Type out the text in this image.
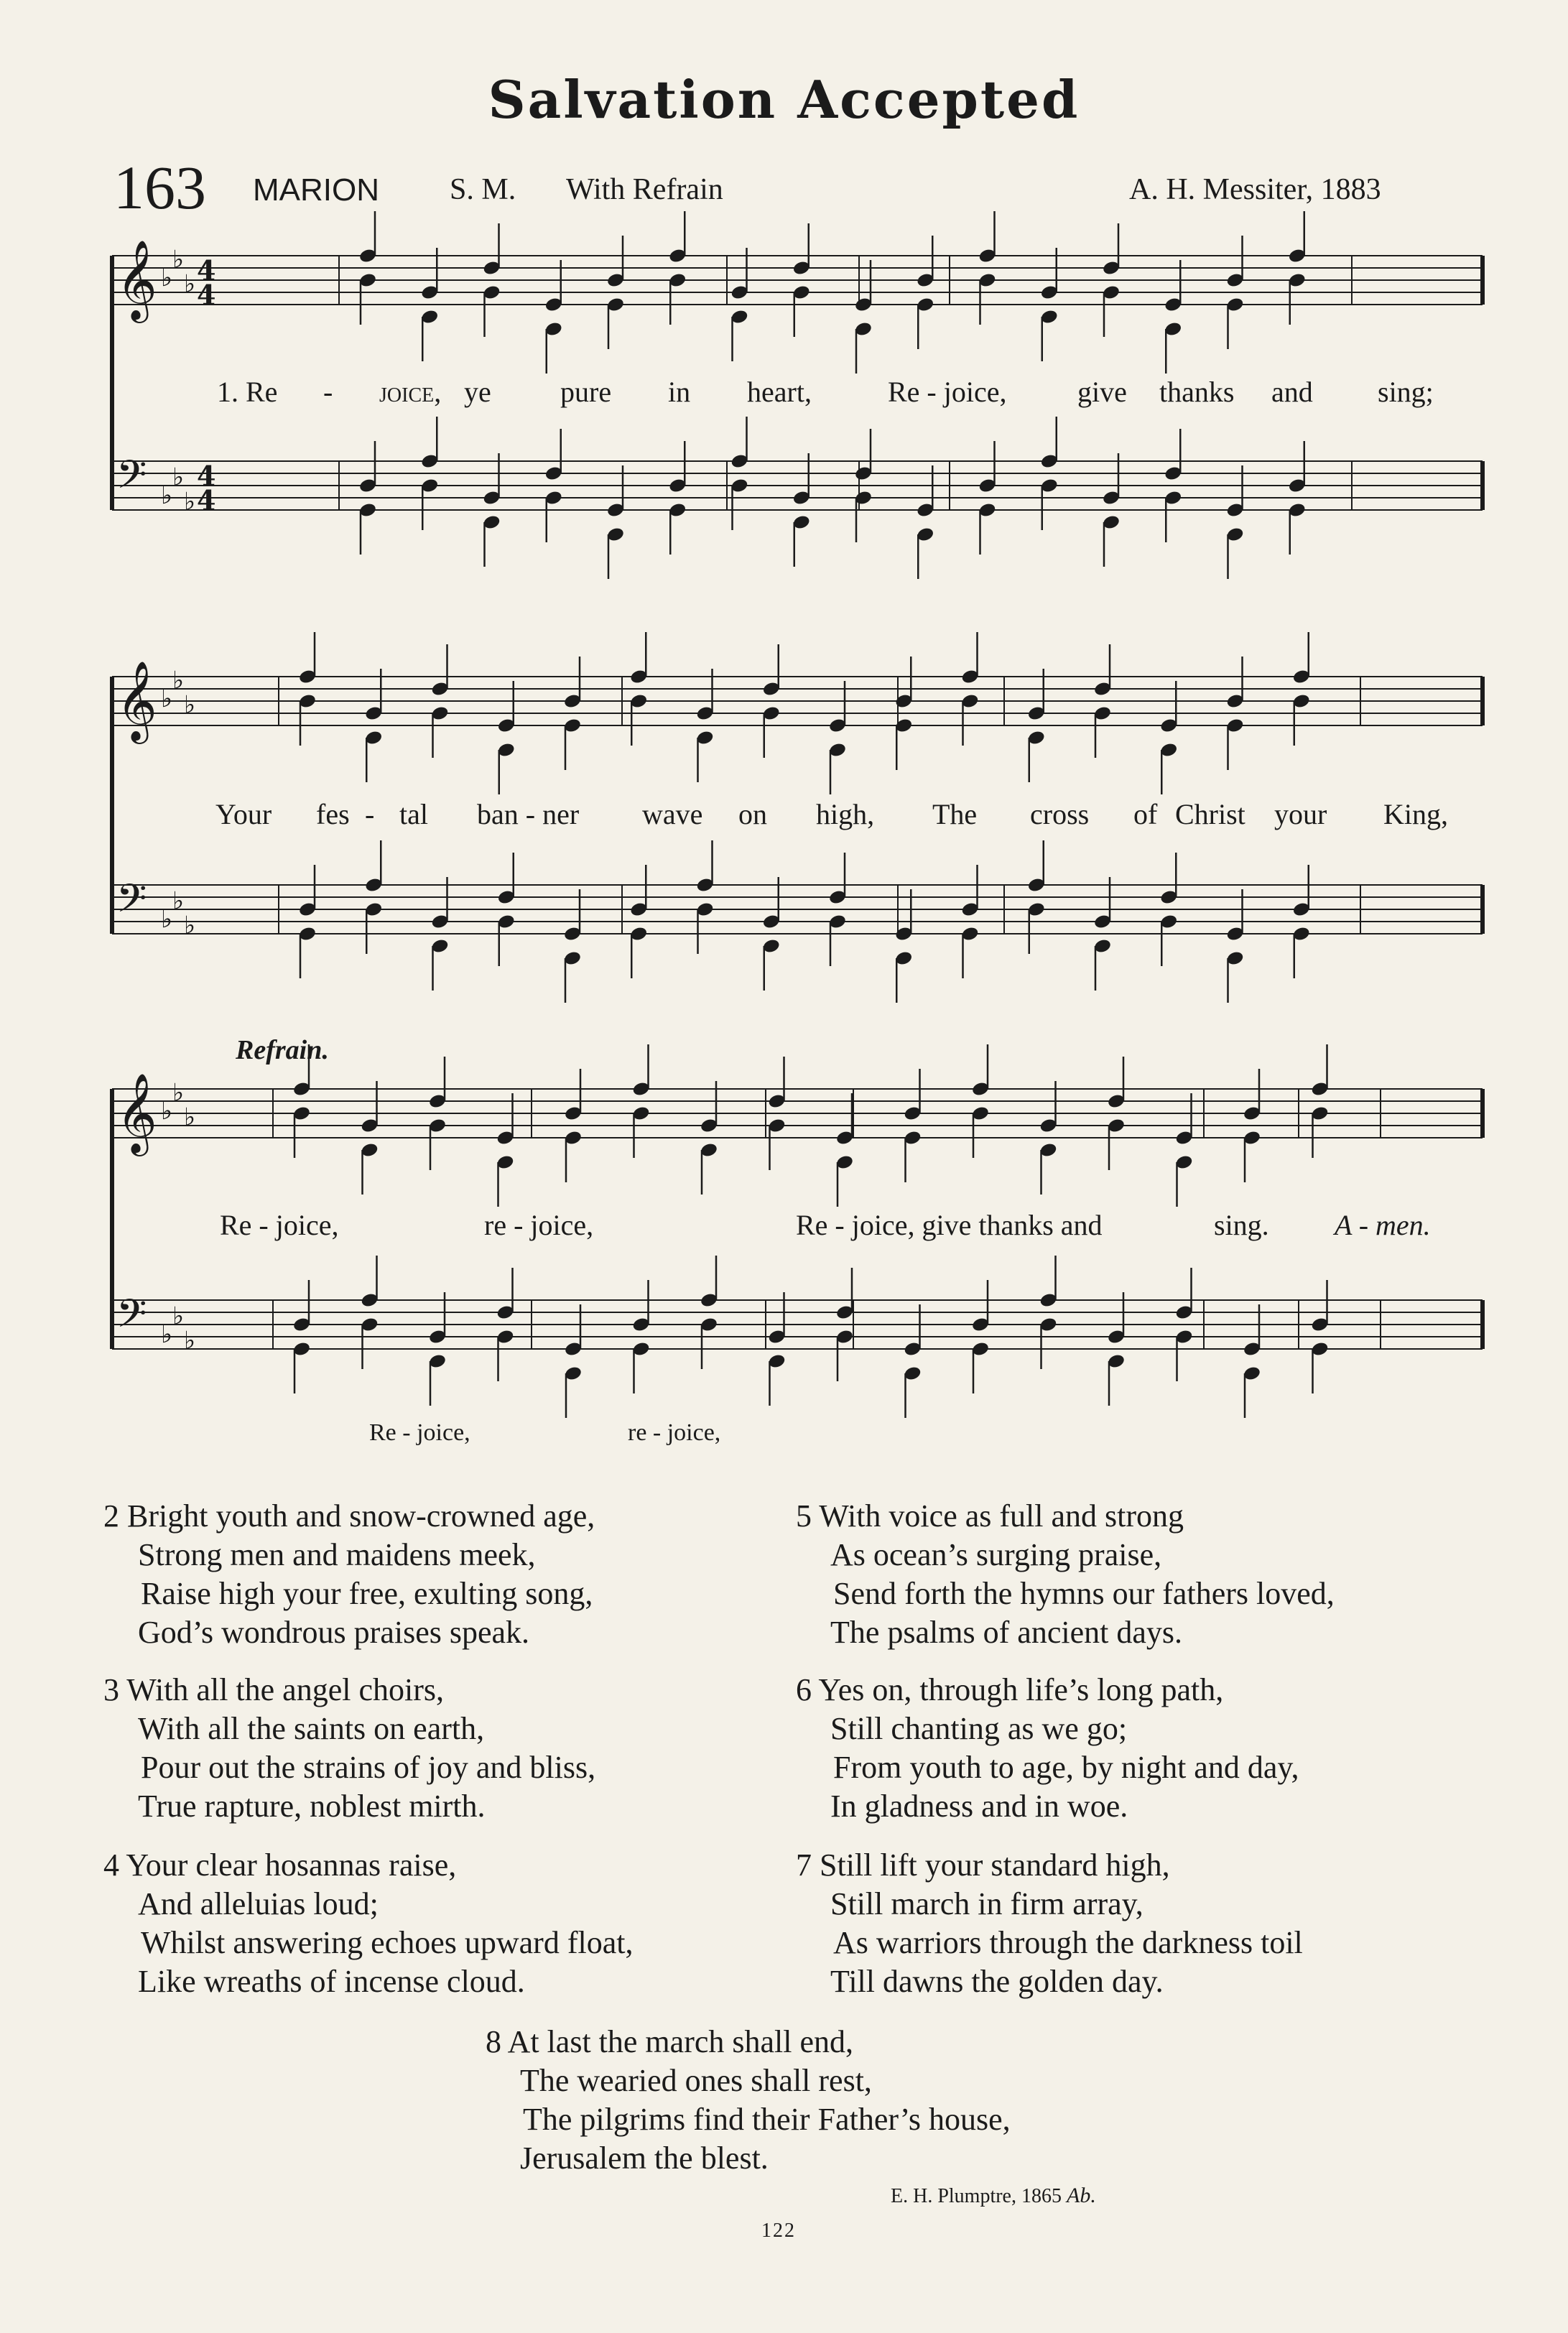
Salvation Accepted
163 MARION S. M. With Refrain	A. H. Messiter, 1883
𝄞 ♭
♭
♭ 4
4
𝄢 ♭
♭
♭
4
4
𝄞 ♭
♭
♭
𝄢 ♭
♭
♭
𝄞 ♭
♭
♭
𝄢 ♭
♭
♭
Refrain.
1. Re - joice, ye pure in heart,	Re - joice, give thanks and sing;
Your fes - tal ban - ner wave on high, The cross of Christ your King,
Re - joice,	re - joice,	Re - joice, give thanks and	sing. A - men.
Re - joice,	re - joice,
2 Bright youth and snow-crowned age,
Strong men and maidens meek,
Raise high your free, exulting song,
God’s wondrous praises speak.
3 With all the angel choirs,
With all the saints on earth,
Pour out the strains of joy and bliss,
True rapture, noblest mirth.
4 Your clear hosannas raise,
And alleluias loud;
Whilst answering echoes upward float,
Like wreaths of incense cloud.
5 With voice as full and strong
As ocean’s surging praise,
Send forth the hymns our fathers loved,
The psalms of ancient days.
6 Yes on, through life’s long path,
Still chanting as we go;
From youth to age, by night and day,
In gladness and in woe.
7 Still lift your standard high,
Still march in firm array,
As warriors through the darkness toil
Till dawns the golden day.
8 At last the march shall end,
The wearied ones shall rest,
The pilgrims find their Father’s house,
Jerusalem the blest.
E. H. Plumptre, 1865 Ab.
122
